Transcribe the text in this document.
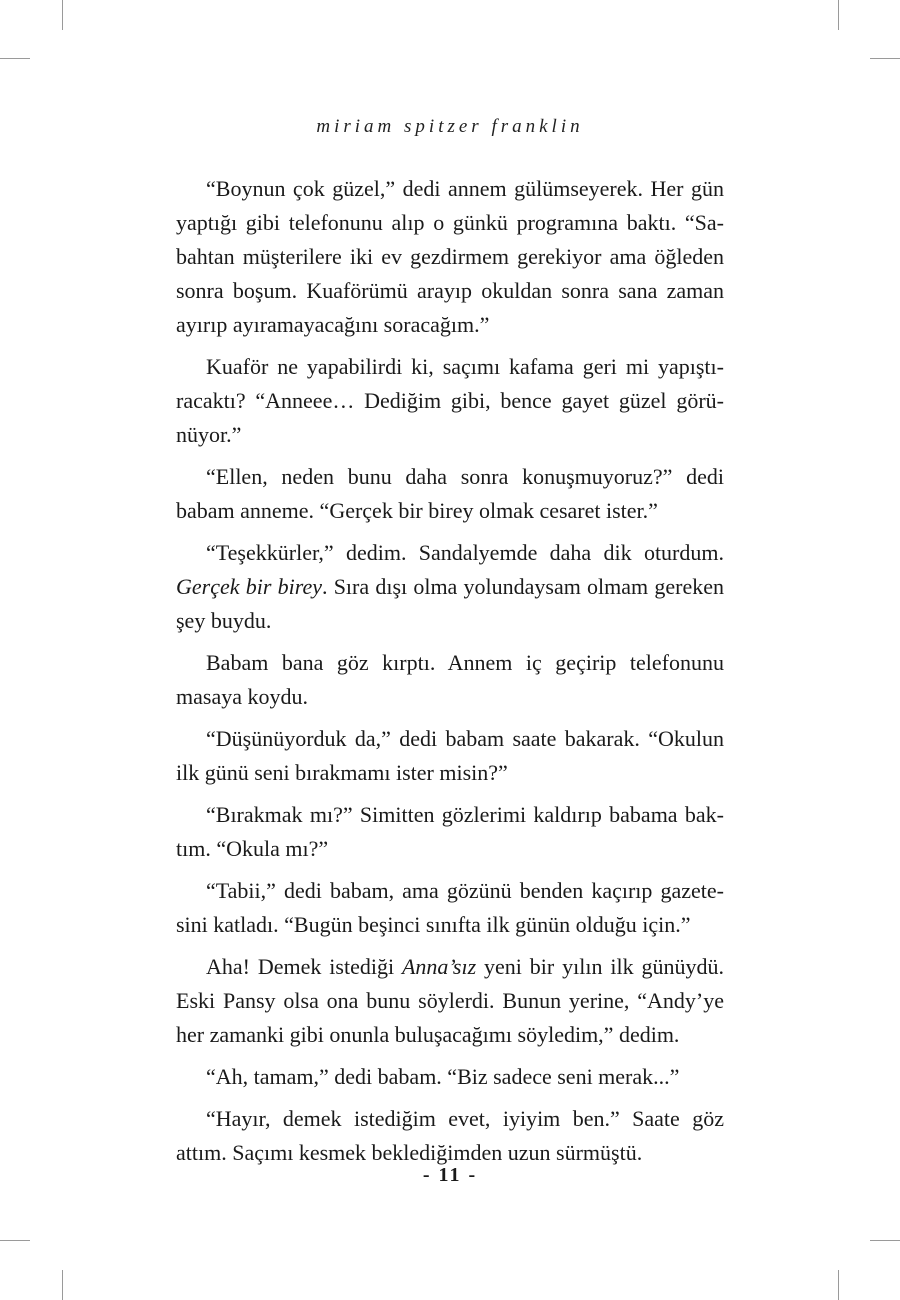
miriam spitzer franklin

“Boynun çok güzel,” dedi annem gülümseyerek. Her gün yaptığı gibi telefonunu alıp o günkü programına baktı. “Sabahtan müşterilere iki ev gezdirmem gerekiyor ama öğleden sonra boşum. Kuaförümü arayıp okuldan sonra sana zaman ayırıp ayıramayacağını soracağım.”

Kuaför ne yapabilirdi ki, saçımı kafama geri mi yapıştıracaktı? “Anneee… Dediğim gibi, bence gayet güzel görünüyor.”

“Ellen, neden bunu daha sonra konuşmuyoruz?” dedi babam anneme. “Gerçek bir birey olmak cesaret ister.”

“Teşekkürler,” dedim. Sandalyemde daha dik oturdum. Gerçek bir birey. Sıra dışı olma yolundaysam olmam gereken şey buydu.

Babam bana göz kırptı. Annem iç geçirip telefonunu masaya koydu.

“Düşünüyorduk da,” dedi babam saate bakarak. “Okulun ilk günü seni bırakmamı ister misin?”

“Bırakmak mı?” Simitten gözlerimi kaldırıp babama baktım. “Okula mı?”

“Tabii,” dedi babam, ama gözünü benden kaçırıp gazetesini katladı. “Bugün beşinci sınıfta ilk günün olduğu için.”

Aha! Demek istediği Anna’sız yeni bir yılın ilk günüydü. Eski Pansy olsa ona bunu söylerdi. Bunun yerine, “Andy’ye her zamanki gibi onunla buluşacağımı söyledim,” dedim.

“Ah, tamam,” dedi babam. “Biz sadece seni merak...”

“Hayır, demek istediğim evet, iyiyim ben.” Saate göz attım. Saçımı kesmek beklediğimden uzun sürmüştü.

- 11 -
